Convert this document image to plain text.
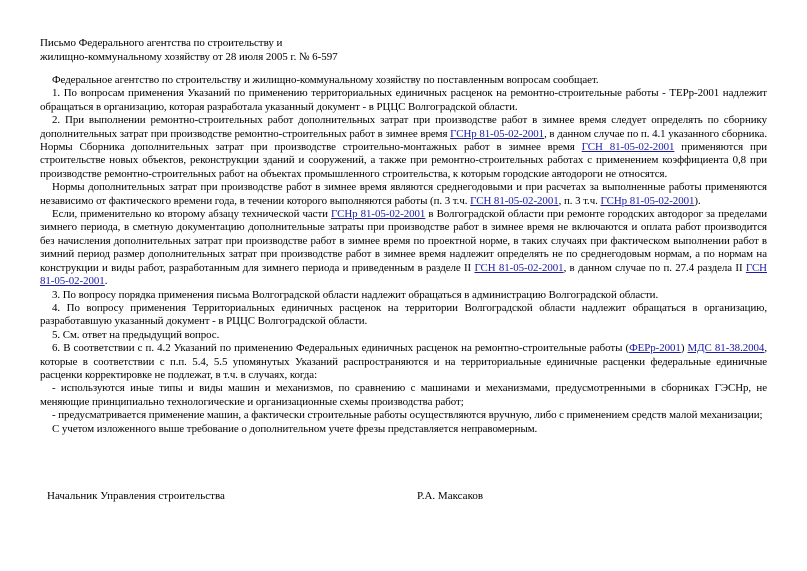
Письмо Федерального агентства по строительству и
жилищно-коммунальному хозяйству от 28 июля 2005 г. № 6-597

Федеральное агентство по строительству и жилищно-коммунальному хозяйству по поставленным вопросам сообщает.

1. По вопросам применения Указаний по применению территориальных единичных расценок на ремонтно-строительные работы - ТЕРр-2001 надлежит обращаться в организацию, которая разработала указанный документ - в РЦЦС Волгоградской области.

2. При выполнении ремонтно-строительных работ дополнительных затрат при производстве работ в зимнее время следует определять по сборнику дополнительных затрат при производстве ремонтно-строительных работ в зимнее время ГСНр 81-05-02-2001, в данном случае по п. 4.1 указанного сборника. Нормы Сборника дополнительных затрат при производстве строительно-монтажных работ в зимнее время ГСН 81-05-02-2001 применяются при строительстве новых объектов, реконструкции зданий и сооружений, а также при ремонтно-строительных работах с применением коэффициента 0,8 при производстве ремонтно-строительных работ на объектах промышленного строительства, к которым городские автодороги не относятся.

Нормы дополнительных затрат при производстве работ в зимнее время являются среднегодовыми и при расчетах за выполненные работы применяются независимо от фактического времени года, в течении которого выполняются работы (п. 3 т.ч. ГСН 81-05-02-2001, п. 3 т.ч. ГСНр 81-05-02-2001).

Если, применительно ко второму абзацу технической части ГСНр 81-05-02-2001 в Волгоградской области при ремонте городских автодорог за пределами зимнего периода, в сметную документацию дополнительные затраты при производстве работ в зимнее время не включаются и оплата работ производится без начисления дополнительных затрат при производстве работ в зимнее время по проектной норме, в таких случаях при фактическом выполнении работ в зимний период размер дополнительных затрат при производстве работ в зимнее время надлежит определять не по среднегодовым нормам, а по нормам на конструкции и виды работ, разработанным для зимнего периода и приведенным в разделе II ГСН 81-05-02-2001, в данном случае по п. 27.4 раздела II ГСН 81-05-02-2001.

3. По вопросу порядка применения письма Волгоградской области надлежит обращаться в администрацию Волгоградской области.

4. По вопросу применения Территориальных единичных расценок на территории Волгоградской области надлежит обращаться в организацию, разработавшую указанный документ - в РЦЦС Волгоградской области.

5. См. ответ на предыдущий вопрос.

6. В соответствии с п. 4.2 Указаний по применению Федеральных единичных расценок на ремонтно-строительные работы (ФЕРр-2001) МДС 81-38.2004, которые в соответствии с п.п. 5.4, 5.5 упомянутых Указаний распространяются и на территориальные единичные расценки федеральные единичные расценки корректировке не подлежат, в т.ч. в случаях, когда:

- используются иные типы и виды машин и механизмов, по сравнению с машинами и механизмами, предусмотренными в сборниках ГЭСНр, не меняющие принципиально технологические и организационные схемы производства работ;

- предусматривается применение машин, а фактически строительные работы осуществляются вручную, либо с применением средств малой механизации;

С учетом изложенного выше требование о дополнительном учете фрезы представляется неправомерным.

Начальник Управления строительства	Р.А. Максаков
